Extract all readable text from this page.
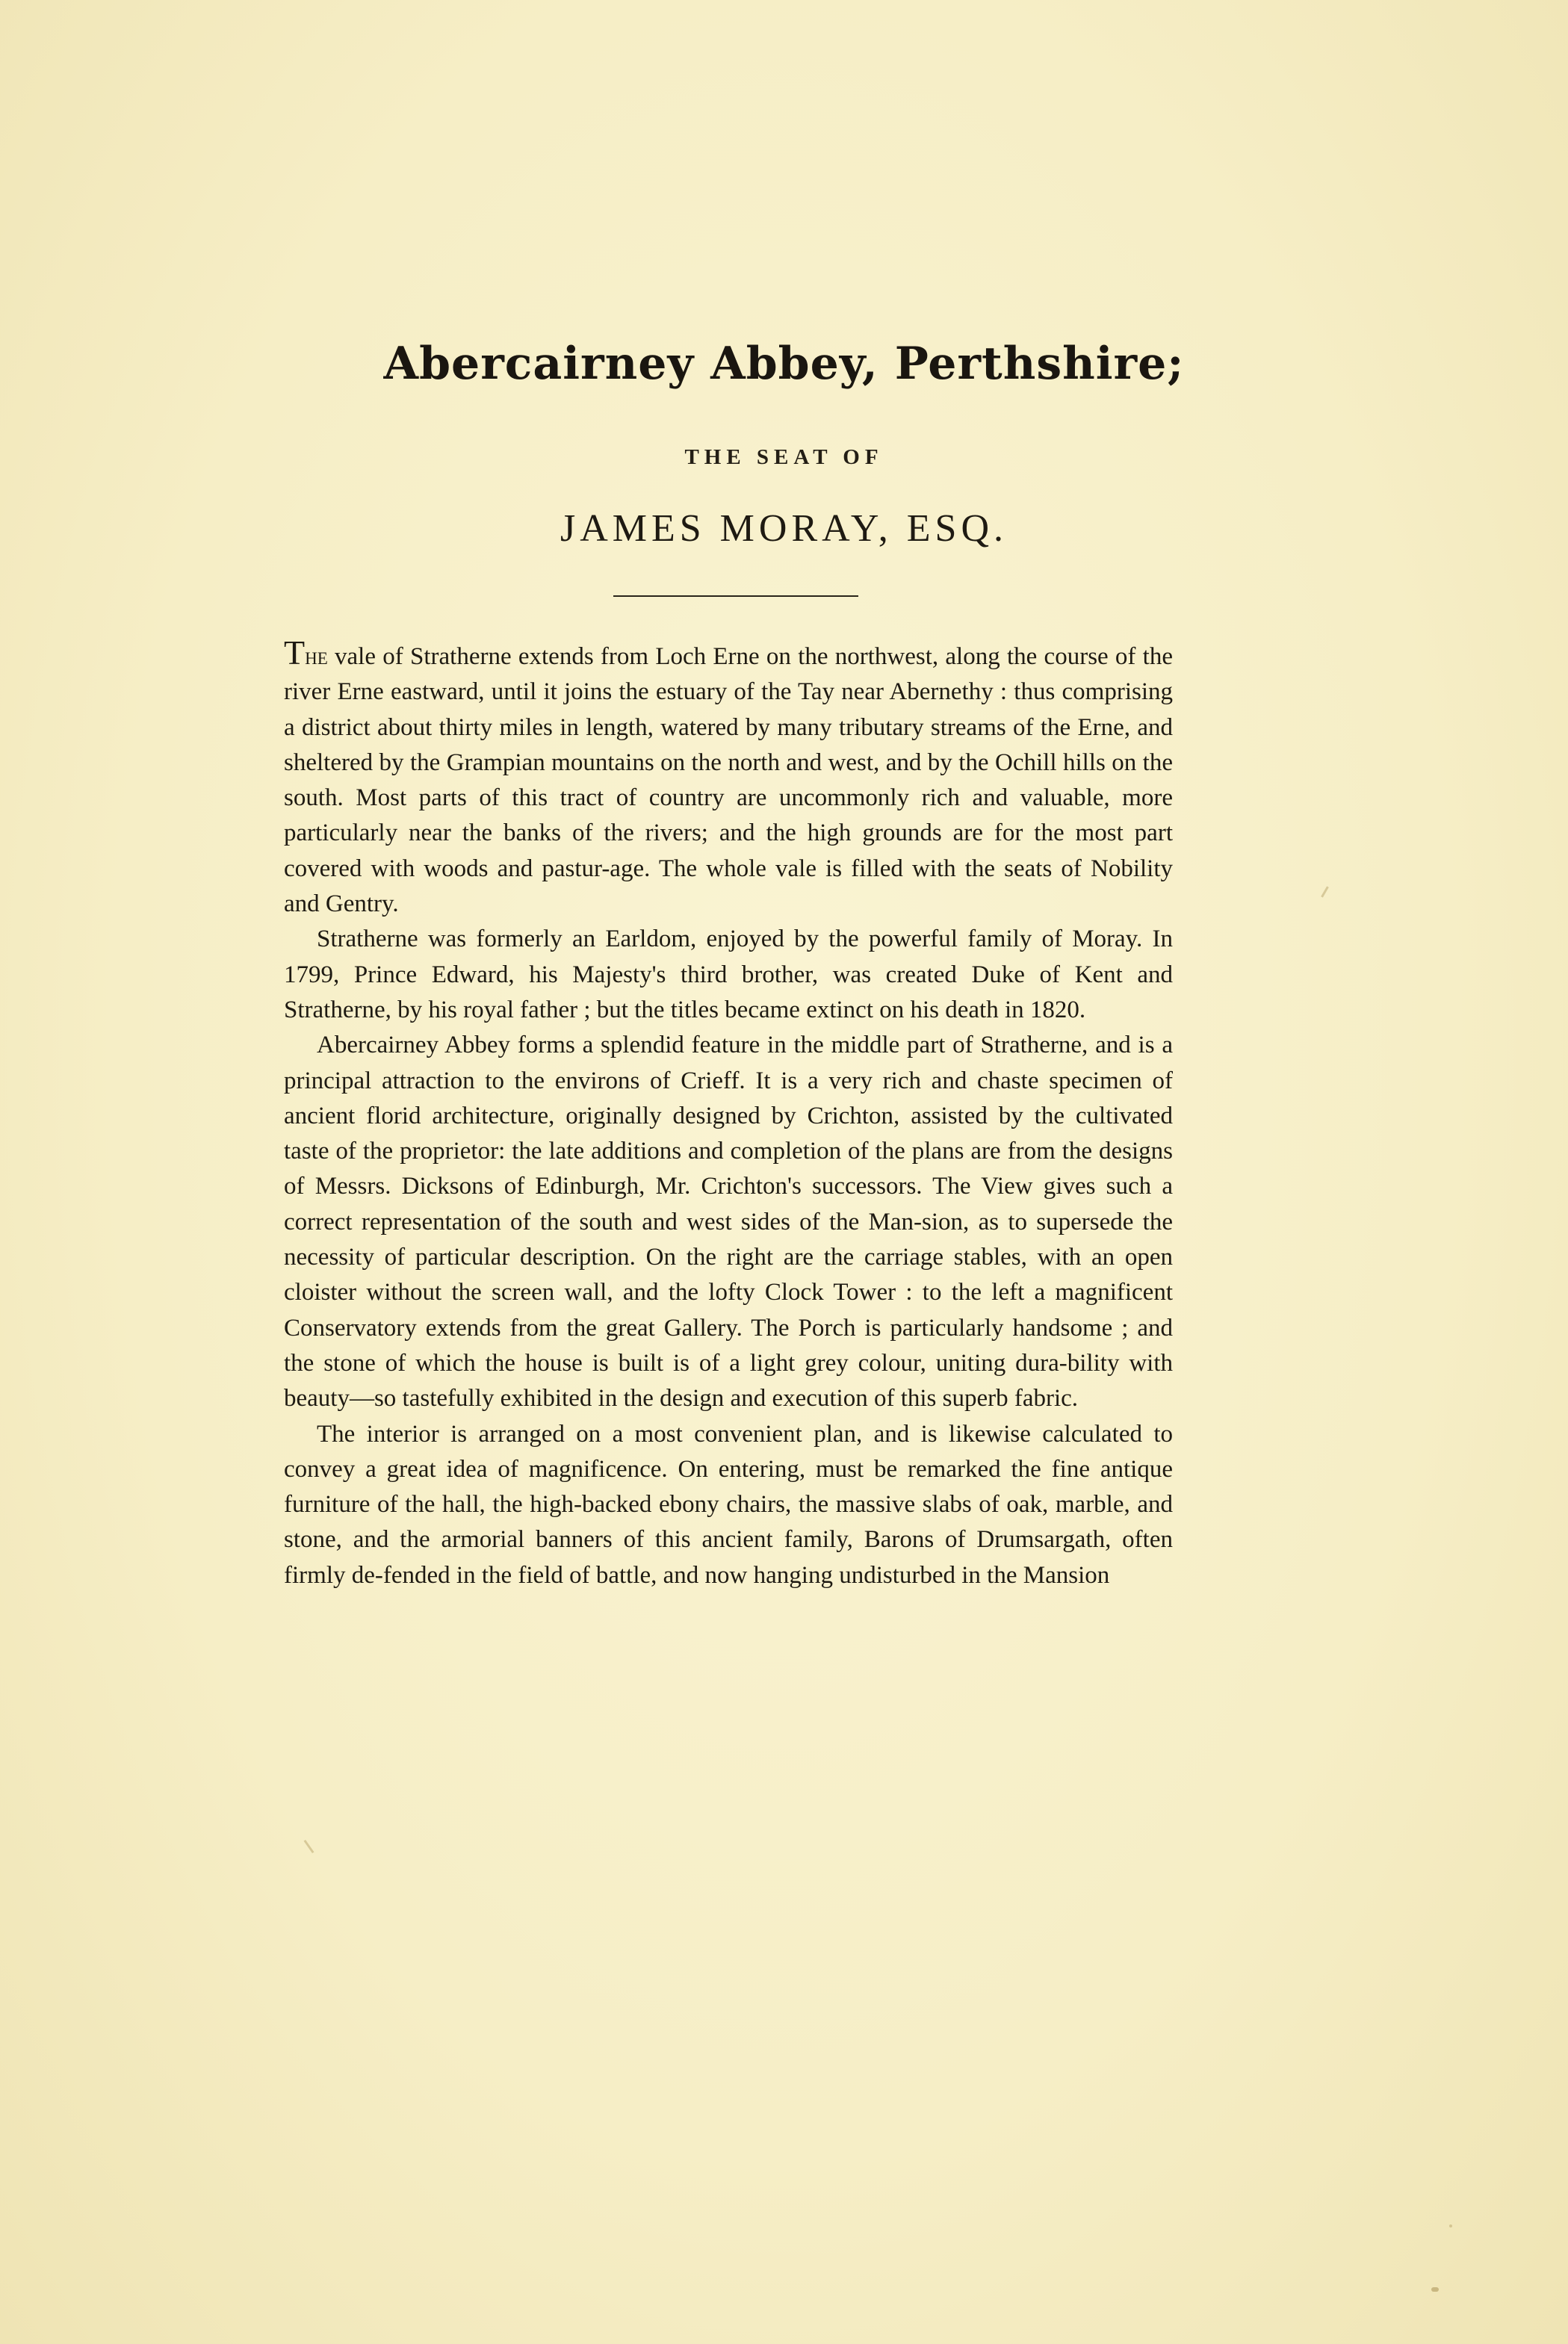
Abercairney Abbey, Perthshire;
THE SEAT OF
JAMES MORAY, ESQ.

The vale of Stratherne extends from Loch Erne on the northwest, along the course of the river Erne eastward, until it joins the estuary of the Tay near Abernethy : thus comprising a district about thirty miles in length, watered by many tributary streams of the Erne, and sheltered by the Grampian mountains on the north and west, and by the Ochill hills on the south. Most parts of this tract of country are uncommonly rich and valuable, more particularly near the banks of the rivers; and the high grounds are for the most part covered with woods and pastur-age. The whole vale is filled with the seats of Nobility and Gentry.

Stratherne was formerly an Earldom, enjoyed by the powerful family of Moray. In 1799, Prince Edward, his Majesty's third brother, was created Duke of Kent and Stratherne, by his royal father ; but the titles became extinct on his death in 1820.

Abercairney Abbey forms a splendid feature in the middle part of Stratherne, and is a principal attraction to the environs of Crieff. It is a very rich and chaste specimen of ancient florid architecture, originally designed by Crichton, assisted by the cultivated taste of the proprietor: the late additions and completion of the plans are from the designs of Messrs. Dicksons of Edinburgh, Mr. Crichton's successors. The View gives such a correct representation of the south and west sides of the Man-sion, as to supersede the necessity of particular description. On the right are the carriage stables, with an open cloister without the screen wall, and the lofty Clock Tower : to the left a magnificent Conservatory extends from the great Gallery. The Porch is particularly handsome ; and the stone of which the house is built is of a light grey colour, uniting dura-bility with beauty—so tastefully exhibited in the design and execution of this superb fabric.

The interior is arranged on a most convenient plan, and is likewise calculated to convey a great idea of magnificence. On entering, must be remarked the fine antique furniture of the hall, the high-backed ebony chairs, the massive slabs of oak, marble, and stone, and the armorial banners of this ancient family, Barons of Drumsargath, often firmly de-fended in the field of battle, and now hanging undisturbed in the Mansion
